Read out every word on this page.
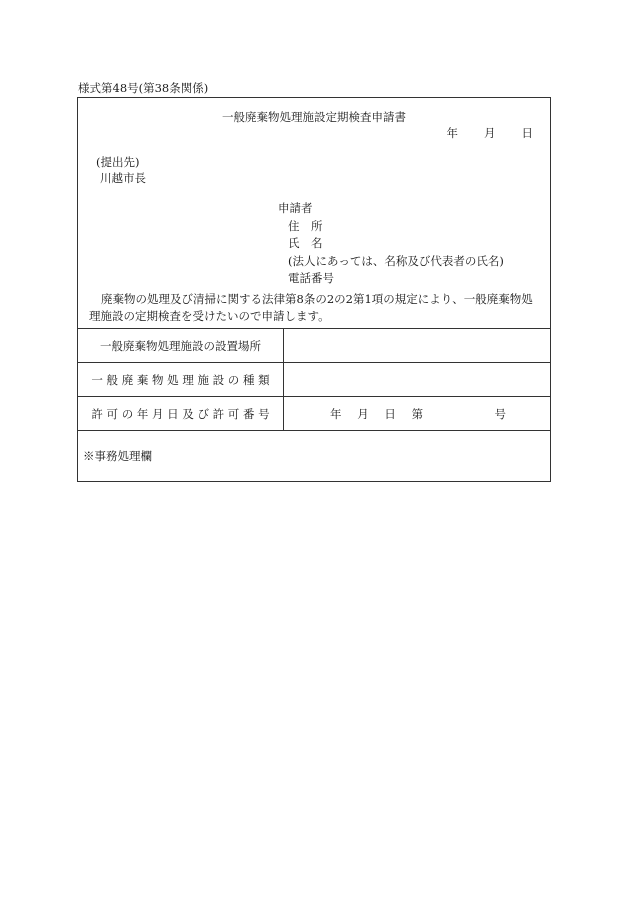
様式第48号(第38条関係)
一般廃棄物処理施設定期検査申請書
年 月 日
(提出先)
川越市長
申請者
住　所
氏　名
(法人にあっては、名称及び代表者の氏名)
電話番号
廃棄物の処理及び清掃に関する法律第8条の2の2第1項の規定により、一般廃棄物処理施設の定期検査を受けたいので申請します。
一般廃棄物処理施設の設置場所
一 般 廃 棄 物 処 理 施 設 の 種 類
許 可 の 年 月 日 及 び 許 可 番 号	年 月 日 第	号
※事務処理欄
